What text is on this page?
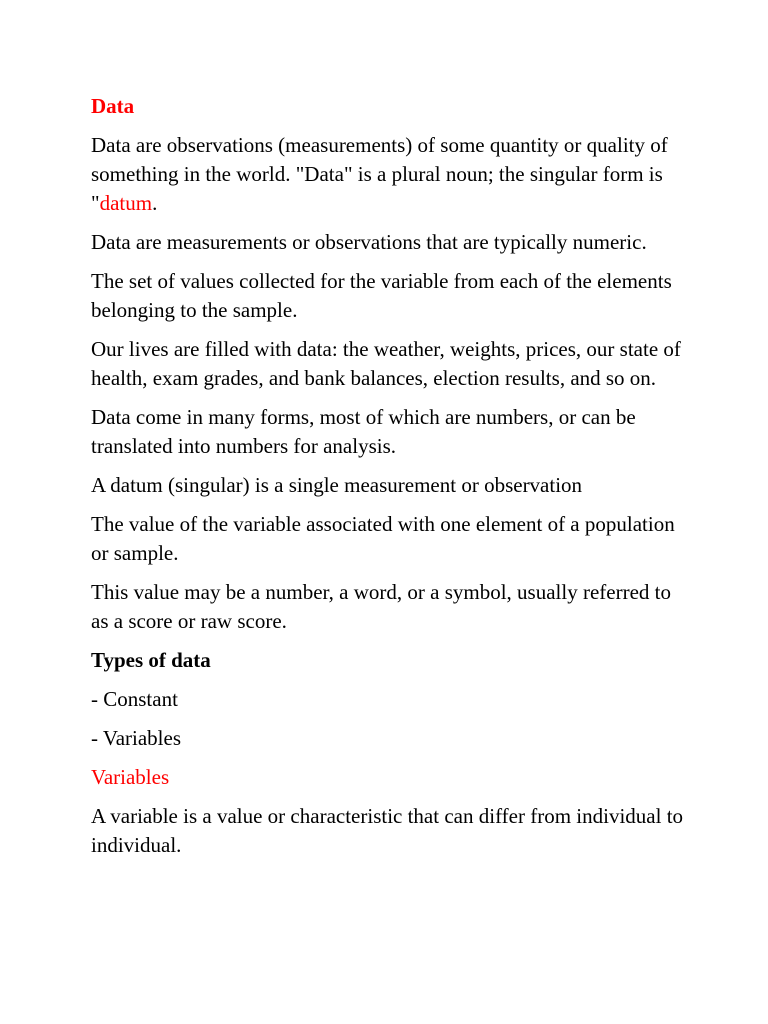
Data

Data are observations (measurements) of some quantity or quality of something in the world. "Data" is a plural noun; the singular form is "datum.

Data are measurements or observations that are typically numeric.

The set of values collected for the variable from each of the elements belonging to the sample.

Our lives are filled with data: the weather, weights, prices, our state of health, exam grades, and bank balances, election results, and so on.

Data come in many forms, most of which are numbers, or can be translated into numbers for analysis.

A datum (singular) is a single measurement or observation

The value of the variable associated with one element of a population or sample.

This value may be a number, a word, or a symbol, usually referred to as a score or raw score.

Types of data

- Constant

- Variables

Variables

A variable is a value or characteristic that can differ from individual to individual.
